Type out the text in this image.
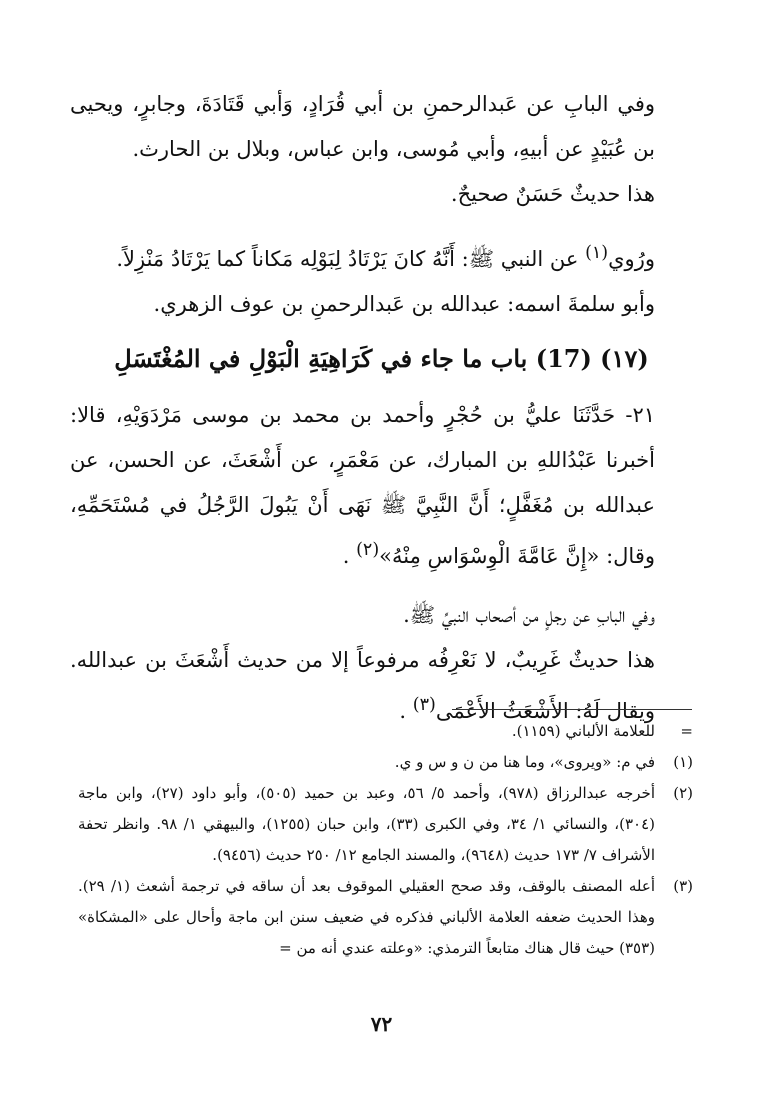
وفي البابِ عن عَبدالرحمنِ بن أبي قُرَادٍ، وَأبي قَتَادَةَ، وجابرٍ، ويحيى بن عُبَيْدٍ عن أبيهِ، وأبي مُوسى، وابن عباس، وبلال بن الحارث.

هذا حديثٌ حَسَنٌ صحيحٌ.

ورُوي$^{(١)}$ عن النبي ﷺ: أَنَّهُ كانَ يَرْتَادُ لِبَوْلِه مَكاناً كما يَرْتَادُ مَنْزِلاً.

وأبو سلمةَ اسمه: عبدالله بن عَبدالرحمنِ بن عوف الزهري.

(١٧) (17) باب ما جاء في كَرَاهِيَةِ الْبَوْلِ في المُغْتَسَلِ

٢١- حَدَّثَنَا عليُّ بن حُجْرٍ وأحمد بن محمد بن موسى مَرْدَوَيْهِ، قالا: أخبرنا عَبْدُاللهِ بن المبارك، عن مَعْمَرٍ، عن أَشْعَثَ، عن الحسن، عن عبدالله بن مُغَفَّلٍ؛ أَنَّ النَّبِيَّ ﷺ نَهَى أَنْ يَبُولَ الرَّجُلُ في مُسْتَحَمِّهِ، وقال: «إِنَّ عَامَّةَ الْوِسْوَاسِ مِنْهُ»$^{(٢)}$ .

وفي البابِ عن رجلٍ من أصحاب النبيِّ ﷺ.

هذا حديثٌ غَرِيبٌ، لا نَعْرِفُه مرفوعاً إلا من حديث أَشْعَثَ بن عبدالله. ويقال لَهُ: الأَشْعَثُ الأَعْمَى$^{(٣)}$ .

=
للعلامة الألباني (١١٥٩).
(١)
في م: «ويروى»، وما هنا من ن و س و ي.
(٢)
أخرجه عبدالرزاق (٩٧٨)، وأحمد ٥/ ٥٦، وعبد بن حميد (٥٠٥)، وأبو داود (٢٧)، وابن ماجة (٣٠٤)، والنسائي ١/ ٣٤، وفي الكبرى (٣٣)، وابن حبان (١٢٥٥)، والبيهقي ١/ ٩٨. وانظر تحفة الأشراف ٧/ ١٧٣ حديث (٩٦٤٨)، والمسند الجامع ١٢/ ٢٥٠ حديث (٩٤٥٦).
(٣)
أعله المصنف بالوقف، وقد صحح العقيلي الموقوف بعد أن ساقه في ترجمة أشعث (١/ ٢٩). وهذا الحديث ضعفه العلامة الألباني فذكره في ضعيف سنن ابن ماجة وأحال على «المشكاة» (٣٥٣) حيث قال هناك متابعاً الترمذي: «وعلته عندي أنه من =
٧٢
